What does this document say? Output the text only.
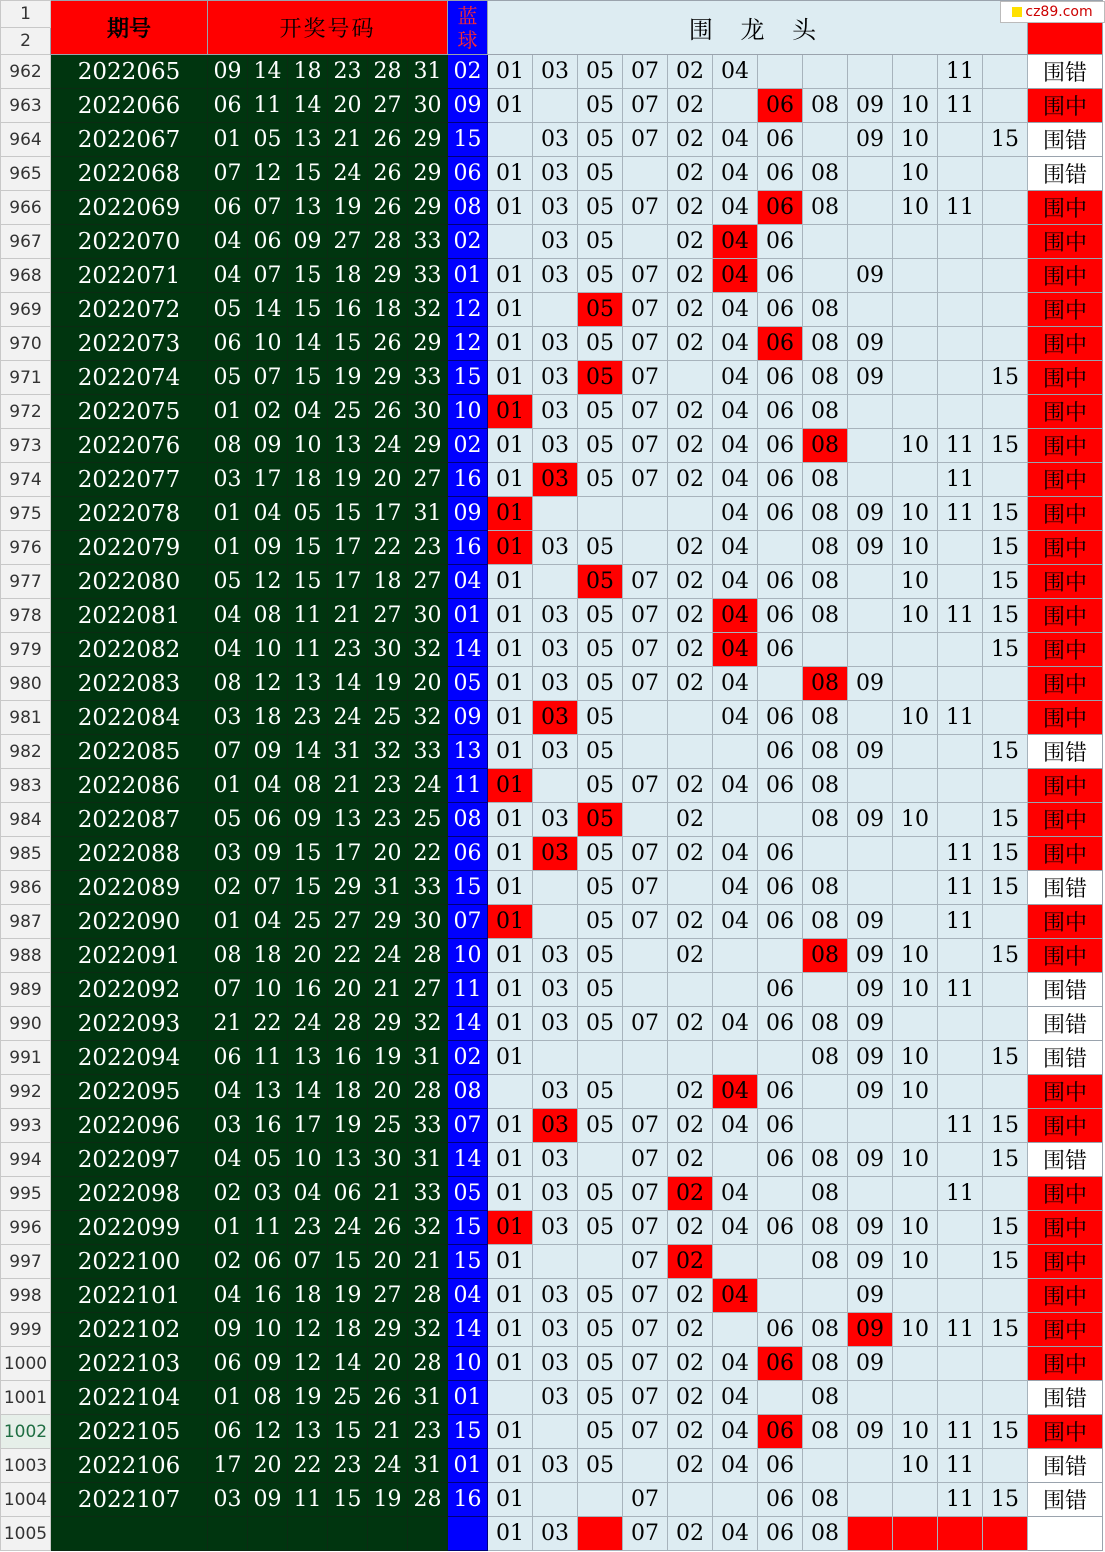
cz89.com
1	期号	开奖号码						蓝
球	围 龙 头												
2																					
962	2022065	09	14	18	23	28	31	02	01	03	05	07	02	04					11		围错
963	2022066	06	11	14	20	27	30	09	01		05	07	02		06	08	09	10	11		围中
964	2022067	01	05	13	21	26	29	15		03	05	07	02	04	06		09	10		15	围错
965	2022068	07	12	15	24	26	29	06	01	03	05		02	04	06	08		10			围错
966	2022069	06	07	13	19	26	29	08	01	03	05	07	02	04	06	08		10	11		围中
967	2022070	04	06	09	27	28	33	02		03	05		02	04	06						围中
968	2022071	04	07	15	18	29	33	01	01	03	05	07	02	04	06		09				围中
969	2022072	05	14	15	16	18	32	12	01		05	07	02	04	06	08					围中
970	2022073	06	10	14	15	26	29	12	01	03	05	07	02	04	06	08	09				围中
971	2022074	05	07	15	19	29	33	15	01	03	05	07		04	06	08	09			15	围中
972	2022075	01	02	04	25	26	30	10	01	03	05	07	02	04	06	08					围中
973	2022076	08	09	10	13	24	29	02	01	03	05	07	02	04	06	08		10	11	15	围中
974	2022077	03	17	18	19	20	27	16	01	03	05	07	02	04	06	08			11		围中
975	2022078	01	04	05	15	17	31	09	01					04	06	08	09	10	11	15	围中
976	2022079	01	09	15	17	22	23	16	01	03	05		02	04		08	09	10		15	围中
977	2022080	05	12	15	17	18	27	04	01		05	07	02	04	06	08		10		15	围中
978	2022081	04	08	11	21	27	30	01	01	03	05	07	02	04	06	08		10	11	15	围中
979	2022082	04	10	11	23	30	32	14	01	03	05	07	02	04	06					15	围中
980	2022083	08	12	13	14	19	20	05	01	03	05	07	02	04		08	09				围中
981	2022084	03	18	23	24	25	32	09	01	03	05			04	06	08		10	11		围中
982	2022085	07	09	14	31	32	33	13	01	03	05				06	08	09			15	围错
983	2022086	01	04	08	21	23	24	11	01		05	07	02	04	06	08					围中
984	2022087	05	06	09	13	23	25	08	01	03	05		02			08	09	10		15	围中
985	2022088	03	09	15	17	20	22	06	01	03	05	07	02	04	06				11	15	围中
986	2022089	02	07	15	29	31	33	15	01		05	07		04	06	08			11	15	围错
987	2022090	01	04	25	27	29	30	07	01		05	07	02	04	06	08	09		11		围中
988	2022091	08	18	20	22	24	28	10	01	03	05		02			08	09	10		15	围中
989	2022092	07	10	16	20	21	27	11	01	03	05				06		09	10	11		围错
990	2022093	21	22	24	28	29	32	14	01	03	05	07	02	04	06	08	09				围错
991	2022094	06	11	13	16	19	31	02	01							08	09	10		15	围错
992	2022095	04	13	14	18	20	28	08		03	05		02	04	06		09	10			围中
993	2022096	03	16	17	19	25	33	07	01	03	05	07	02	04	06				11	15	围中
994	2022097	04	05	10	13	30	31	14	01	03		07	02		06	08	09	10		15	围错
995	2022098	02	03	04	06	21	33	05	01	03	05	07	02	04		08			11		围中
996	2022099	01	11	23	24	26	32	15	01	03	05	07	02	04	06	08	09	10		15	围中
997	2022100	02	06	07	15	20	21	15	01			07	02			08	09	10		15	围中
998	2022101	04	16	18	19	27	28	04	01	03	05	07	02	04			09				围中
999	2022102	09	10	12	18	29	32	14	01	03	05	07	02		06	08	09	10	11	15	围中
1000	2022103	06	09	12	14	20	28	10	01	03	05	07	02	04	06	08	09				围中
1001	2022104	01	08	19	25	26	31	01		03	05	07	02	04		08					围错
1002	2022105	06	12	13	15	21	23	15	01		05	07	02	04	06	08	09	10	11	15	围中
1003	2022106	17	20	22	23	24	31	01	01	03	05		02	04	06			10	11		围错
1004	2022107	03	09	11	15	19	28	16	01			07			06	08			11	15	围错
1005									01	03		07	02	04	06	08					
